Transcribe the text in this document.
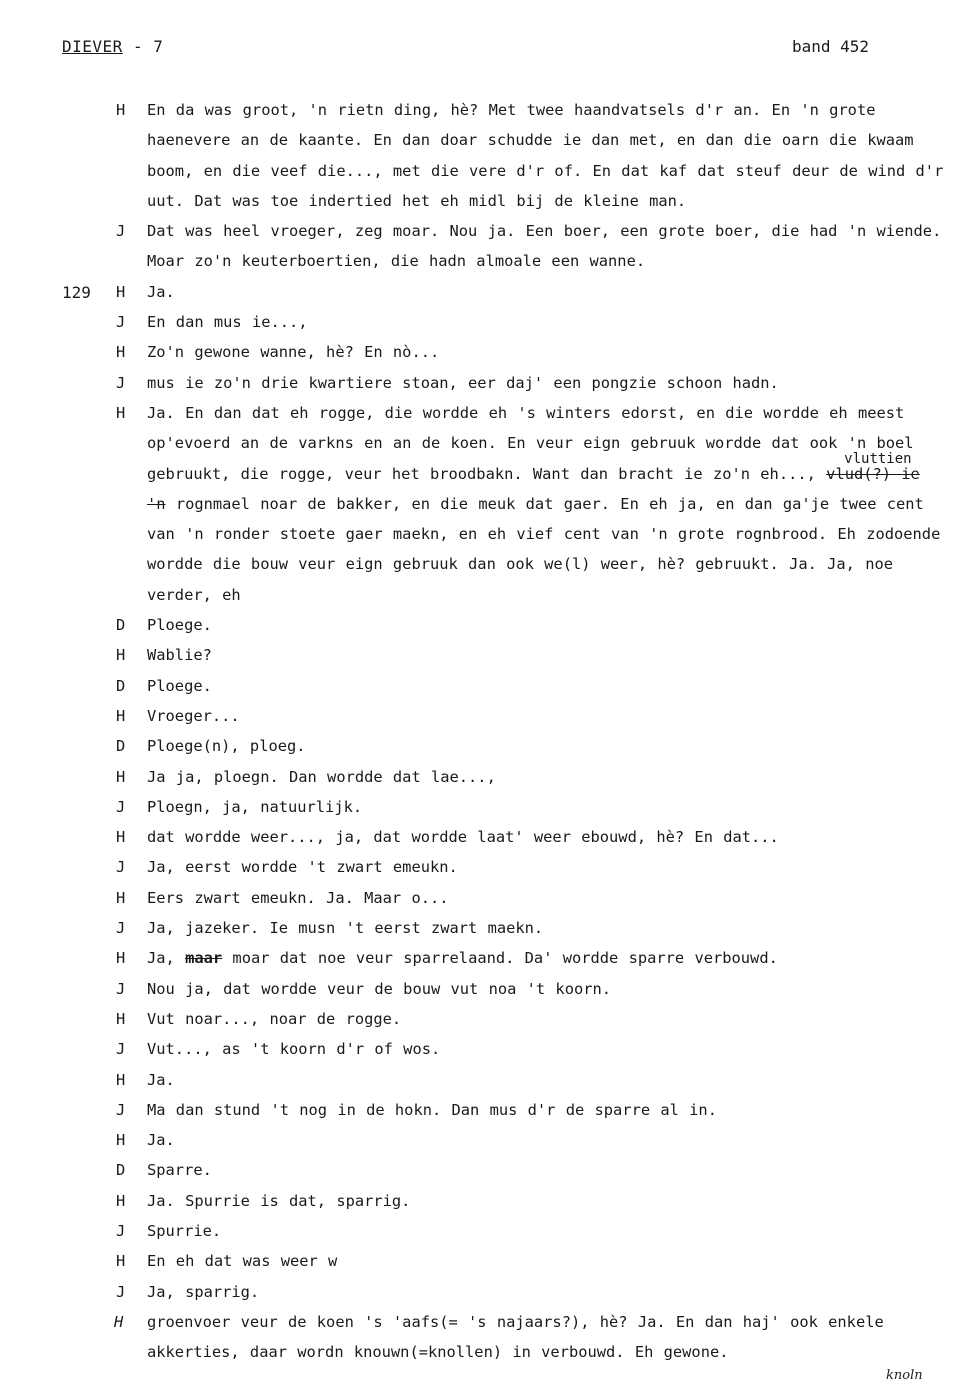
DIEVER - 7	band 452
129
H	En da was groot, 'n rietn ding, hè? Met twee haandvatsels d'r an. En 'n grote haenevere an de kaante. En dan doar schudde ie dan met, en dan die oarn die kwaam boom, en die veef die..., met die vere d'r of. En dat kaf dat steuf deur de wind d'r uut. Dat was toe indertied het eh midl bij de kleine man.
J	Dat was heel vroeger, zeg moar. Nou ja. Een boer, een grote boer, die had 'n wiende. Moar zo'n keuterboertien, die hadn almoale een wanne.
H	Ja.
J	En dan mus ie...,
H	Zo'n gewone wanne, hè? En nò...
J	mus ie zo'n drie kwartiere stoan, eer daj' een pongzie schoon hadn.
H	Ja. En dan dat eh rogge, die wordde eh 's winters edorst, en die wordde eh meest op'evoerd an de varkns en an de koen. En veur eign gebruuk wordde dat ook 'n boel gebruukt, die rogge, veur het broodbakn. Want dan bracht ie zo'n eh..., vlud(?) ie 'n
vluttien
rognmael noar de bakker, en die meuk dat gaer. En eh ja, en dan ga'je twee cent van 'n ronder stoete gaer maekn, en eh vief cent van 'n grote rognbrood. Eh zodoende wordde die bouw veur eign gebruuk dan ook we(l) weer, hè? gebruukt. Ja. Ja, noe verder, eh
D	Ploege.
H	Wablie?
D	Ploege.
H	Vroeger...
D	Ploege(n), ploeg.
H	Ja ja, ploegn. Dan wordde dat lae...,
J	Ploegn, ja, natuurlijk.
H	dat wordde weer..., ja, dat wordde laat' weer ebouwd, hè? En dat...
J	Ja, eerst wordde 't zwart emeukn.
H	Eers zwart emeukn. Ja. Maar o...
J	Ja, jazeker. Ie musn 't eerst zwart maekn.
H	Ja, maar moar dat noe veur sparrelaand. Da' wordde sparre verbouwd.
J	Nou ja, dat wordde veur de bouw vut noa 't koorn.
H	Vut noar..., noar de rogge.
J	Vut..., as 't koorn d'r of wos.
H	Ja.
J	Ma dan stund 't nog in de hokn. Dan mus d'r de sparre al in.
H	Ja.
D	Sparre.
H	Ja. Spurrie is dat, sparrig.
J	Spurrie.
H	En eh dat was weer w
J	Ja, sparrig.
H	groenvoer veur de koen 's 'aafs(= 's najaars?), hè? Ja. En dan haj' ook enkele akkerties, daar wordn knouwn(=knollen) in verbouwd. Eh gewone.
knoln
